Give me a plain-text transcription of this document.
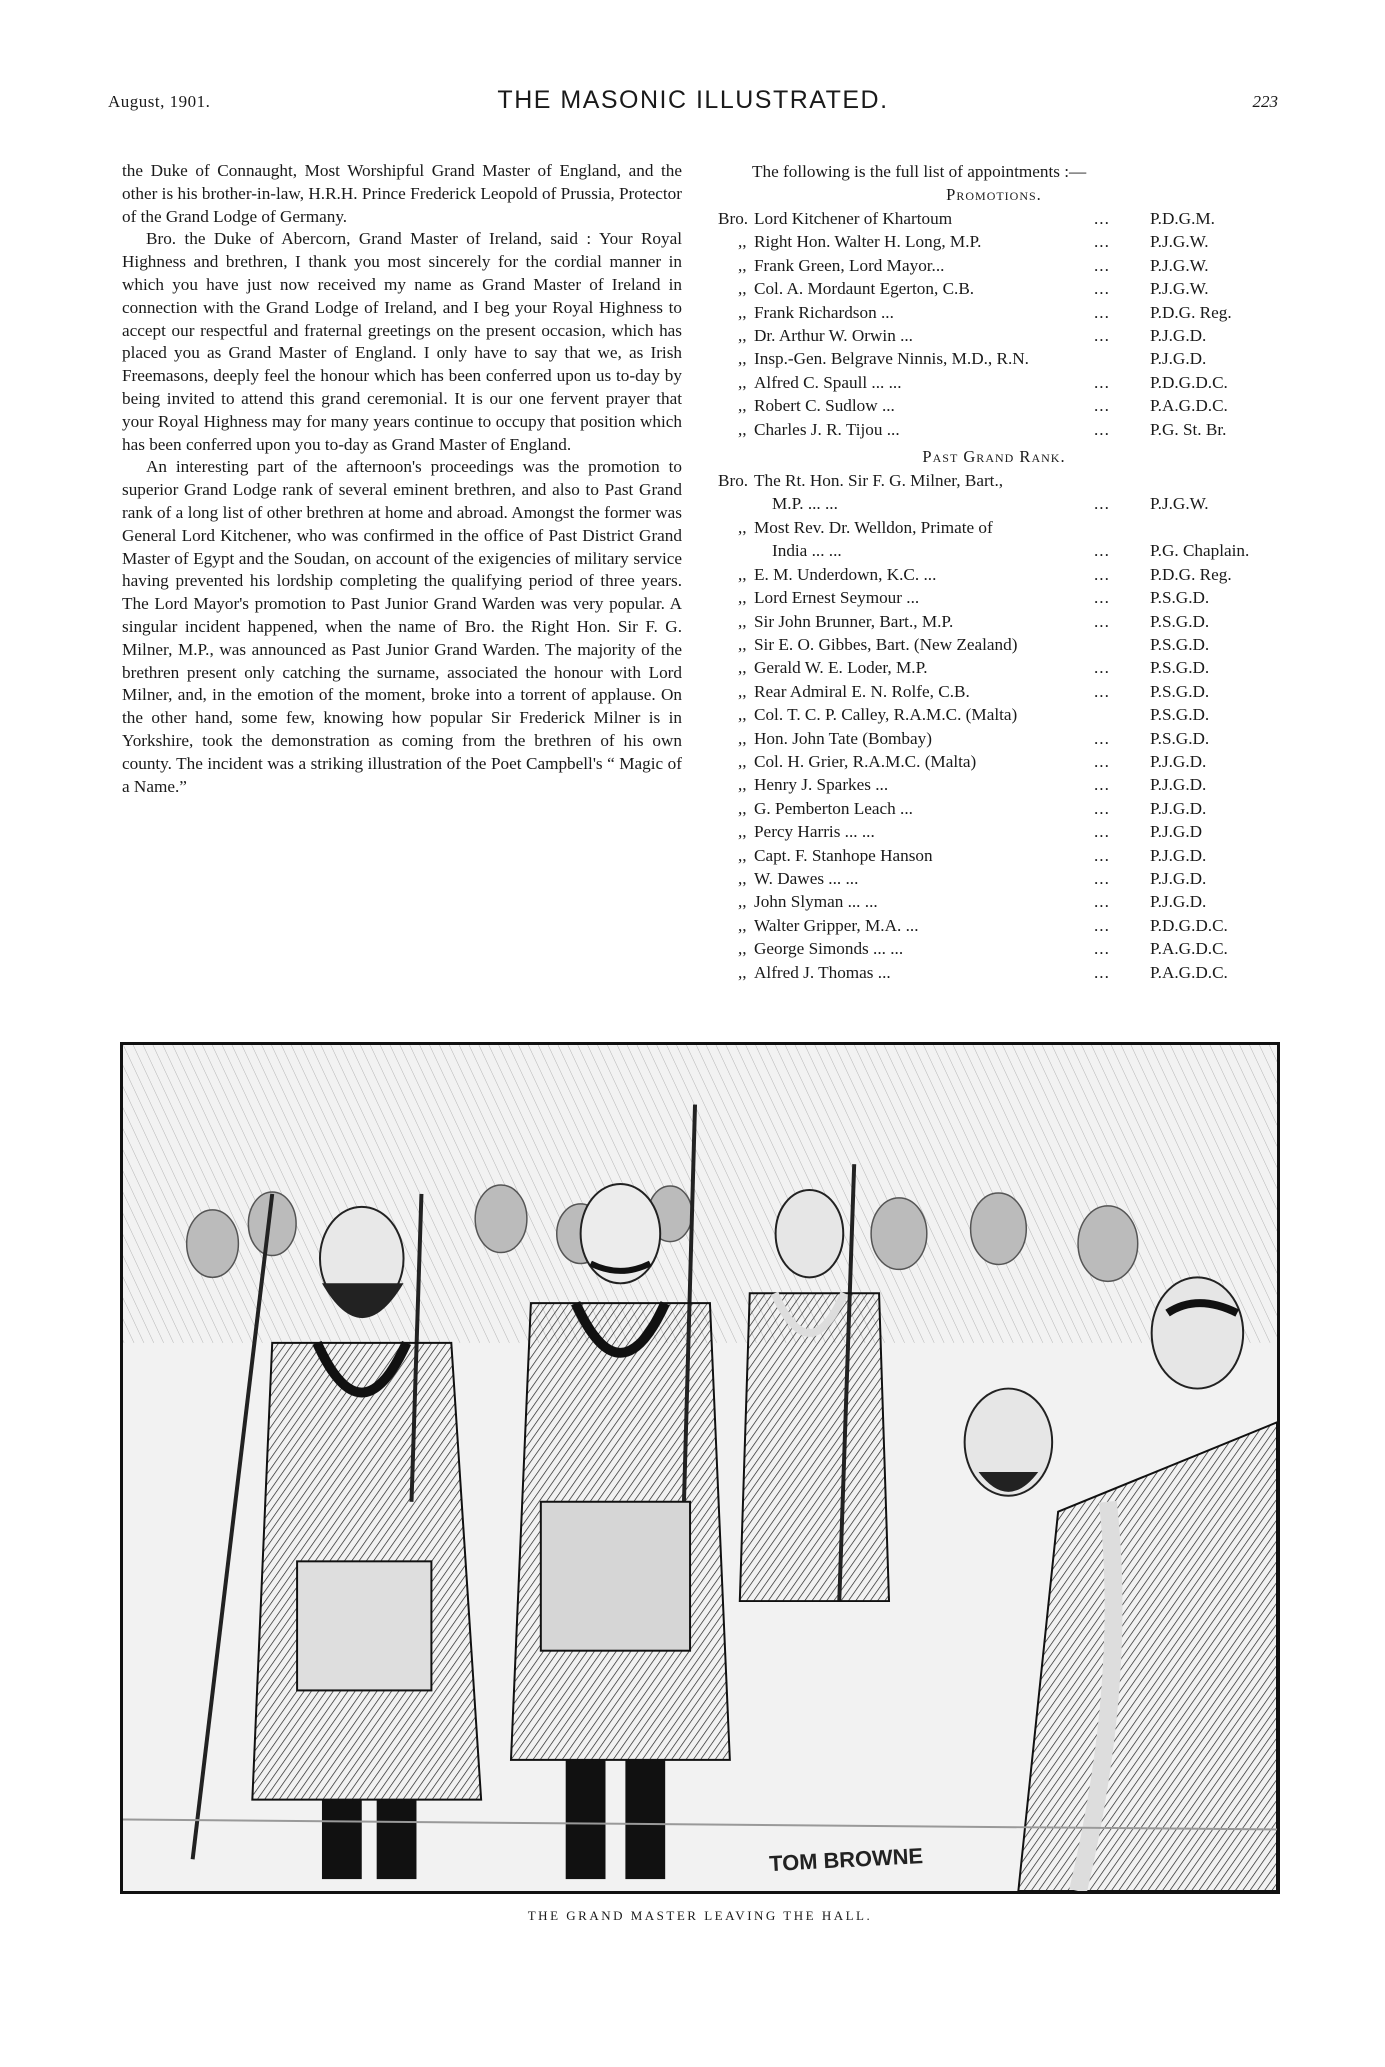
August, 1901.	THE MASONIC ILLUSTRATED.	223

the Duke of Connaught, Most Worshipful Grand Master of England, and the other is his brother-in-law, H.R.H. Prince Frederick Leopold of Prussia, Protector of the Grand Lodge of Germany.

Bro. the Duke of Abercorn, Grand Master of Ireland, said : Your Royal Highness and brethren, I thank you most sincerely for the cordial manner in which you have just now received my name as Grand Master of Ireland in connection with the Grand Lodge of Ireland, and I beg your Royal Highness to accept our respectful and fraternal greetings on the present occasion, which has placed you as Grand Master of England. I only have to say that we, as Irish Freemasons, deeply feel the honour which has been conferred upon us to-day by being invited to attend this grand ceremonial. It is our one fervent prayer that your Royal Highness may for many years continue to occupy that position which has been conferred upon you to-day as Grand Master of England.

An interesting part of the afternoon's proceedings was the promotion to superior Grand Lodge rank of several eminent brethren, and also to Past Grand rank of a long list of other brethren at home and abroad. Amongst the former was General Lord Kitchener, who was confirmed in the office of Past District Grand Master of Egypt and the Soudan, on account of the exigencies of military service having prevented his lordship completing the qualifying period of three years. The Lord Mayor's promotion to Past Junior Grand Warden was very popular. A singular incident happened, when the name of Bro. the Right Hon. Sir F. G. Milner, M.P., was announced as Past Junior Grand Warden. The majority of the brethren present only catching the surname, associated the honour with Lord Milner, and, in the emotion of the moment, broke into a torrent of applause. On the other hand, some few, knowing how popular Sir Frederick Milner is in Yorkshire, took the demonstration as coming from the brethren of his own county. The incident was a striking illustration of the Poet Campbell's “ Magic of a Name.”

The following is the full list of appointments :—
Promotions.
Bro. Lord Kitchener of Khartoum	...	P.D.G.M.
,, Right Hon. Walter H. Long, M.P.	...	P.J.G.W.
,, Frank Green, Lord Mayor...	...	P.J.G.W.
,, Col. A. Mordaunt Egerton, C.B.	...	P.J.G.W.
,, Frank Richardson ...	...	P.D.G. Reg.
,, Dr. Arthur W. Orwin ...	...	P.J.G.D.
,, Insp.-Gen. Belgrave Ninnis, M.D., R.N.	P.J.G.D.
,, Alfred C. Spaull ... ...	...	P.D.G.D.C.
,, Robert C. Sudlow ...	...	P.A.G.D.C.
,, Charles J. R. Tijou ...	...	P.G. St. Br.
Past Grand Rank.
Bro. The Rt. Hon. Sir F. G. Milner, Bart.,
M.P. ... ...	...	P.J.G.W.
,, Most Rev. Dr. Welldon, Primate of
India ... ...	...	P.G. Chaplain.
,, E. M. Underdown, K.C. ...	...	P.D.G. Reg.
,, Lord Ernest Seymour ...	...	P.S.G.D.
,, Sir John Brunner, Bart., M.P.	...	P.S.G.D.
,, Sir E. O. Gibbes, Bart. (New Zealand)	P.S.G.D.
,, Gerald W. E. Loder, M.P.	...	P.S.G.D.
,, Rear Admiral E. N. Rolfe, C.B.	...	P.S.G.D.
,, Col. T. C. P. Calley, R.A.M.C. (Malta)	P.S.G.D.
,, Hon. John Tate (Bombay)	...	P.S.G.D.
,, Col. H. Grier, R.A.M.C. (Malta)	...	P.J.G.D.
,, Henry J. Sparkes ...	...	P.J.G.D.
,, G. Pemberton Leach ...	...	P.J.G.D.
,, Percy Harris ... ...	...	P.J.G.D
,, Capt. F. Stanhope Hanson	...	P.J.G.D.
,, W. Dawes ... ...	...	P.J.G.D.
,, John Slyman ... ...	...	P.J.G.D.
,, Walter Gripper, M.A. ...	...	P.D.G.D.C.
,, George Simonds ... ...	...	P.A.G.D.C.
,, Alfred J. Thomas ...	...	P.A.G.D.C.
TOM BROWNE
THE GRAND MASTER LEAVING THE HALL.
